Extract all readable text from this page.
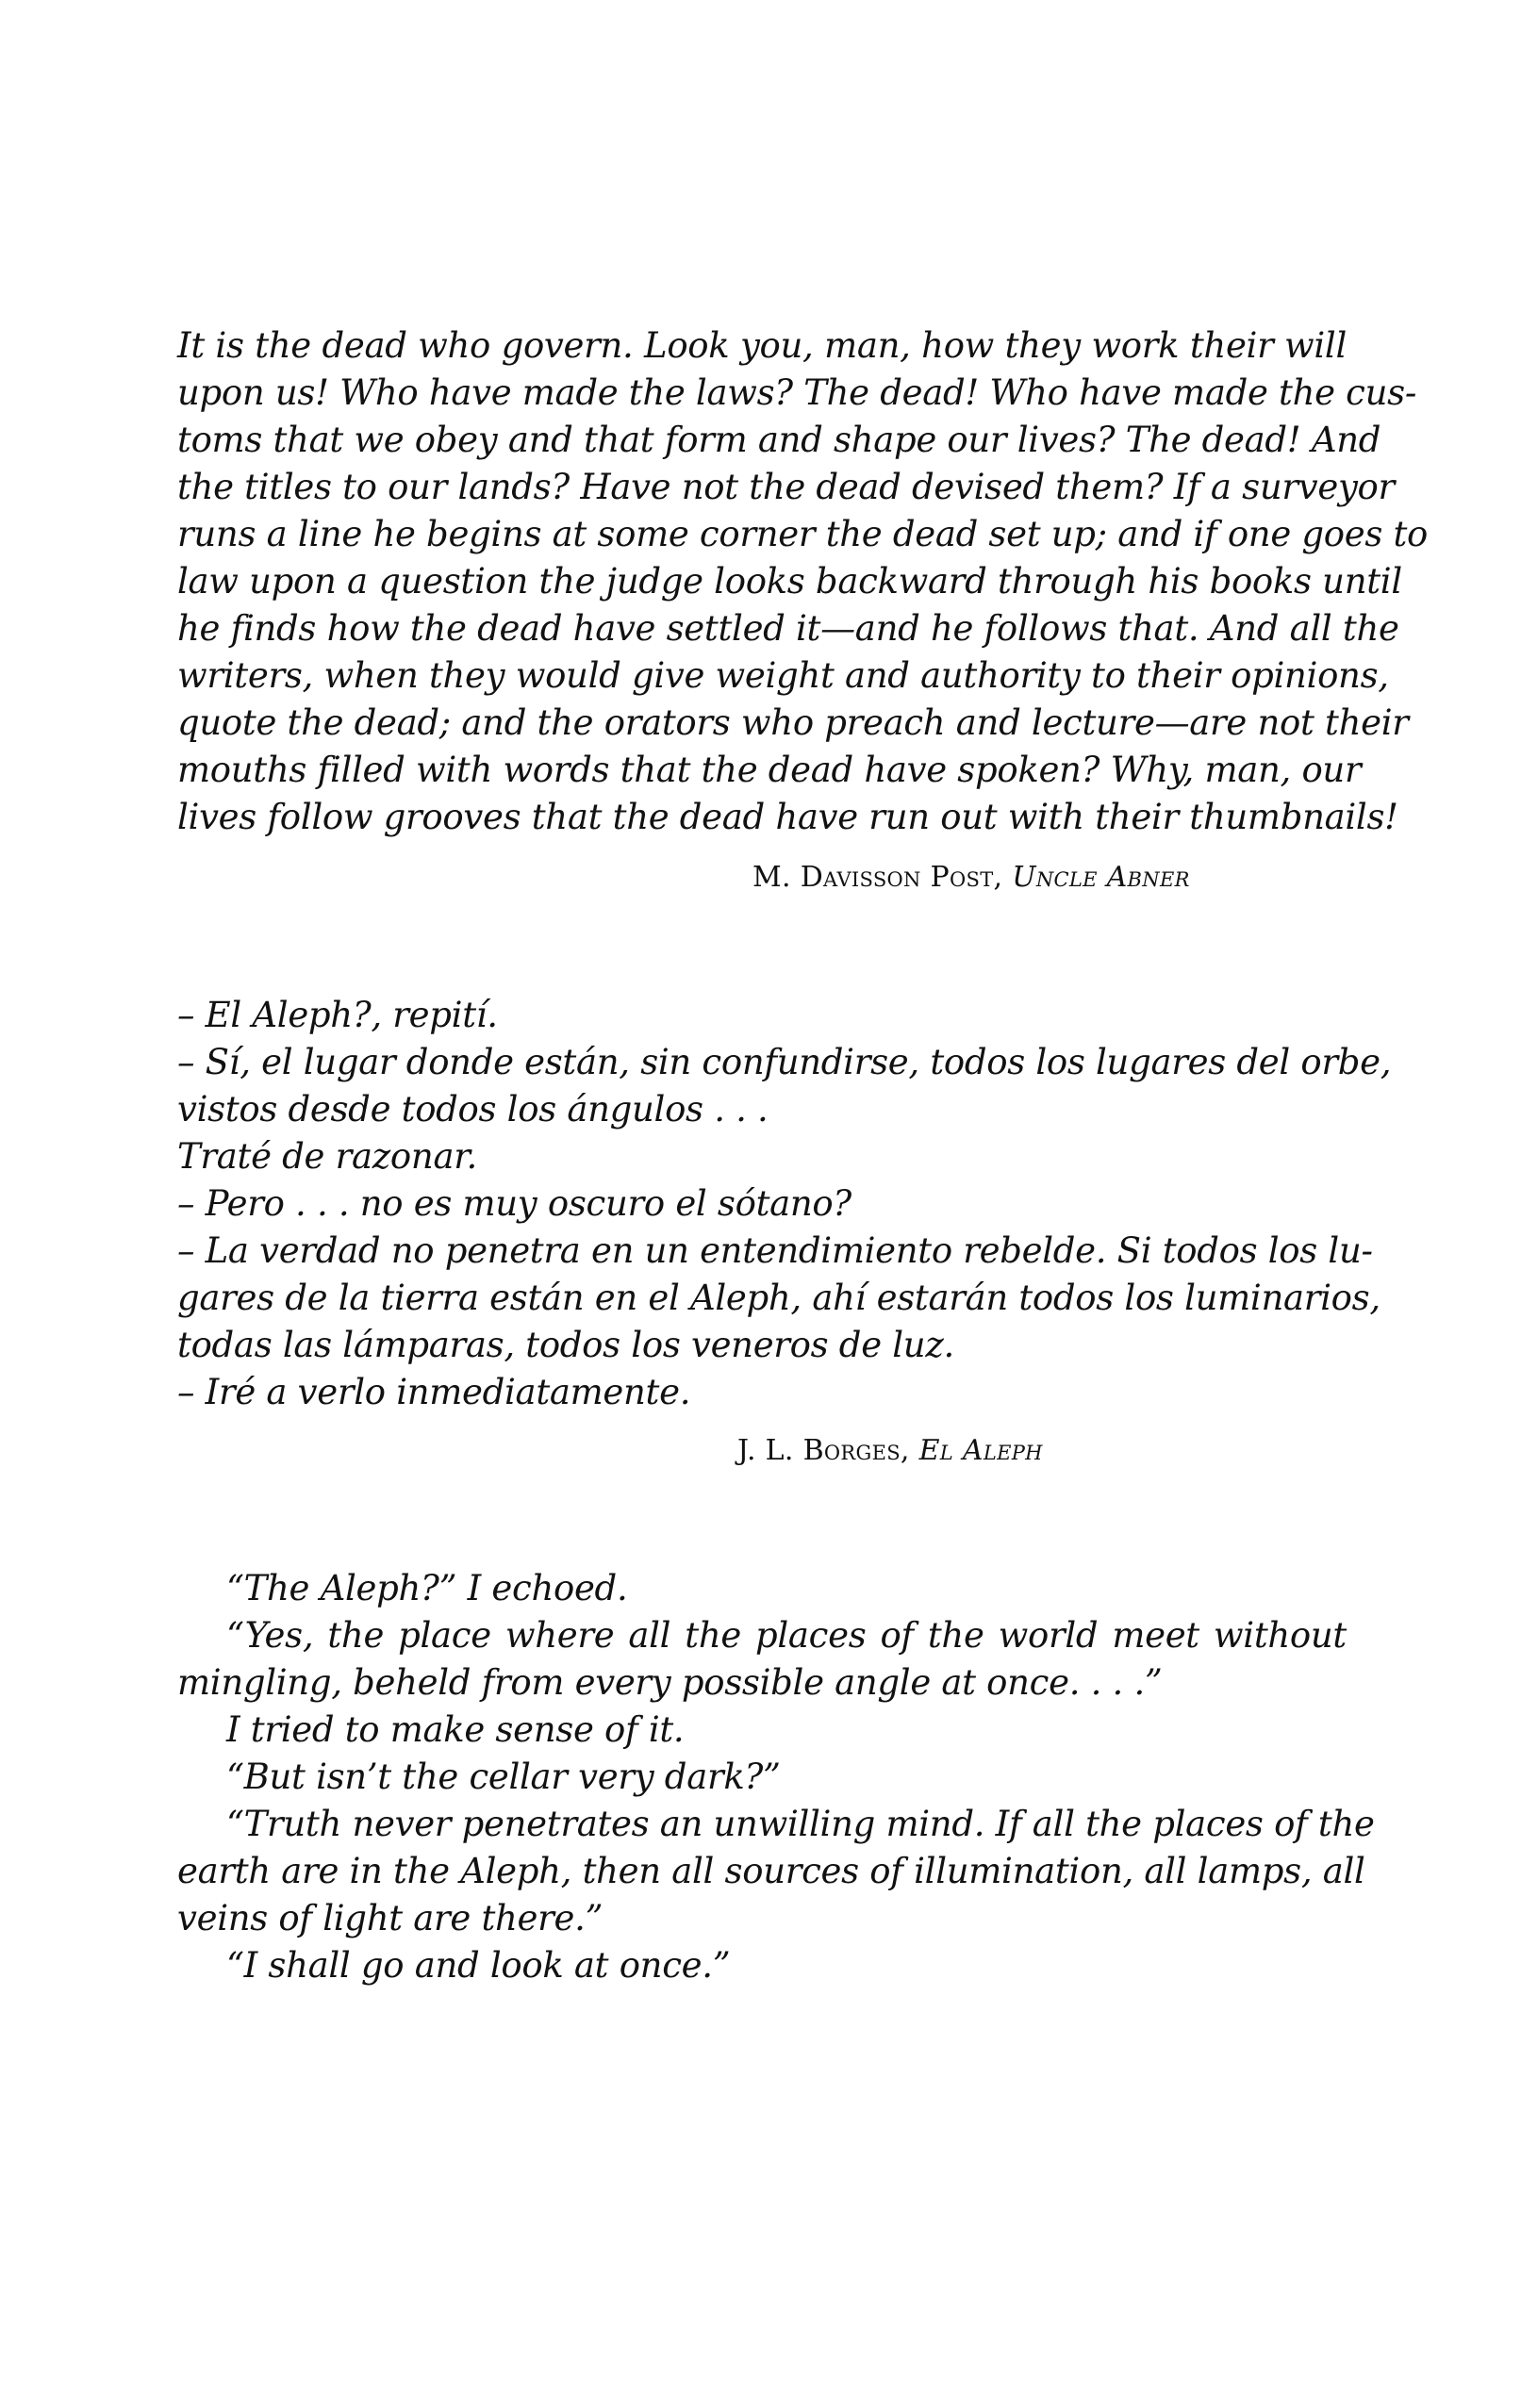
It is the dead who govern. Look you, man, how they work their will
upon us! Who have made the laws? The dead! Who have made the cus-
toms that we obey and that form and shape our lives? The dead! And
the titles to our lands? Have not the dead devised them? If a surveyor
runs a line he begins at some corner the dead set up; and if one goes to
law upon a question the judge looks backward through his books until
he finds how the dead have settled it—and he follows that. And all the
writers, when they would give weight and authority to their opinions,
quote the dead; and the orators who preach and lecture—are not their
mouths filled with words that the dead have spoken? Why, man, our
lives follow grooves that the dead have run out with their thumbnails!
M. Davisson Post, Uncle Abner
– El Aleph?, repití.
– Sí, el lugar donde están, sin confundirse, todos los lugares del orbe,
vistos desde todos los ángulos . . .
Traté de razonar.
– Pero . . . no es muy oscuro el sótano?
– La verdad no penetra en un entendimiento rebelde. Si todos los lu-
gares de la tierra están en el Aleph, ahí estarán todos los luminarios,
todas las lámparas, todos los veneros de luz.
– Iré a verlo inmediatamente.
J. L. Borges, El Aleph
“The Aleph?” I echoed.
“Yes, the place where all the places of the world meet without
mingling, beheld from every possible angle at once. . . .”
I tried to make sense of it.
“But isn’t the cellar very dark?”
“Truth never penetrates an unwilling mind. If all the places of the
earth are in the Aleph, then all sources of illumination, all lamps, all
veins of light are there.”
“I shall go and look at once.”
